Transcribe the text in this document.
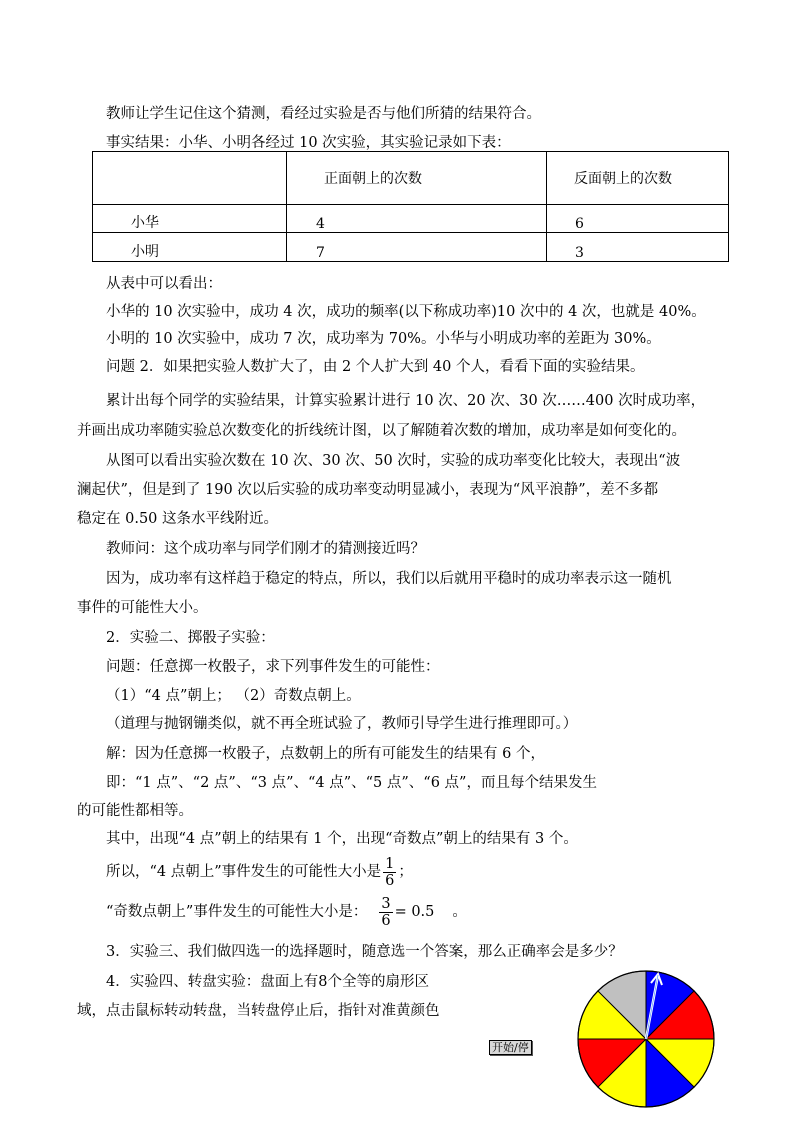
教师让学生记住这个猜测，看经过实验是否与他们所猜的结果符合。
事实结果：小华、小明各经过 10 次实验，其实验记录如下表：
	正面朝上的次数	反面朝上的次数
小华	4	6
小明	7	3
从表中可以看出：
小华的 10 次实验中，成功 4 次，成功的频率(以下称成功率)10 次中的 4 次，也就是 40%。
小明的 10 次实验中，成功 7 次，成功率为 70%。小华与小明成功率的差距为 30%。
问题 2．如果把实验人数扩大了，由 2 个人扩大到 40 个人，看看下面的实验结果。
累计出每个同学的实验结果，计算实验累计进行 10 次、20 次、30 次……400 次时成功率，
并画出成功率随实验总次数变化的折线统计图，以了解随着次数的增加，成功率是如何变化的。
从图可以看出实验次数在 10 次、30 次、50 次时，实验的成功率变化比较大，表现出“波
澜起伏”，但是到了 190 次以后实验的成功率变动明显减小，表现为“风平浪静”，差不多都
稳定在 0.50 这条水平线附近。
教师问：这个成功率与同学们刚才的猜测接近吗？
因为，成功率有这样趋于稳定的特点，所以，我们以后就用平稳时的成功率表示这一随机
事件的可能性大小。
2．实验二、掷骰子实验：
问题：任意掷一枚骰子，求下列事件发生的可能性：
（1）“4 点”朝上； （2）奇数点朝上。
（道理与抛钢镚类似，就不再全班试验了，教师引导学生进行推理即可。）
解：因为任意掷一枚骰子，点数朝上的所有可能发生的结果有 6 个，
即：“1 点”、“2 点”、“3 点”、“4 点”、“5 点”、“6 点”，而且每个结果发生
的可能性都相等。
其中，出现“4 点”朝上的结果有 1 个，出现“奇数点”朝上的结果有 3 个。
所以，“4 点朝上”事件发生的可能性大小是 $\frac{1}{6}$ ；
“奇数点朝上”事件发生的可能性大小是： $\frac{3}{6} = 0.5$ 。
3．实验三、我们做四选一的选择题时，随意选一个答案，那么正确率会是多少？
4．实验四、转盘实验：盘面上有8个全等的扇形区
域，点击鼠标转动转盘，当转盘停止后，指针对准黄颜色
开始/停
